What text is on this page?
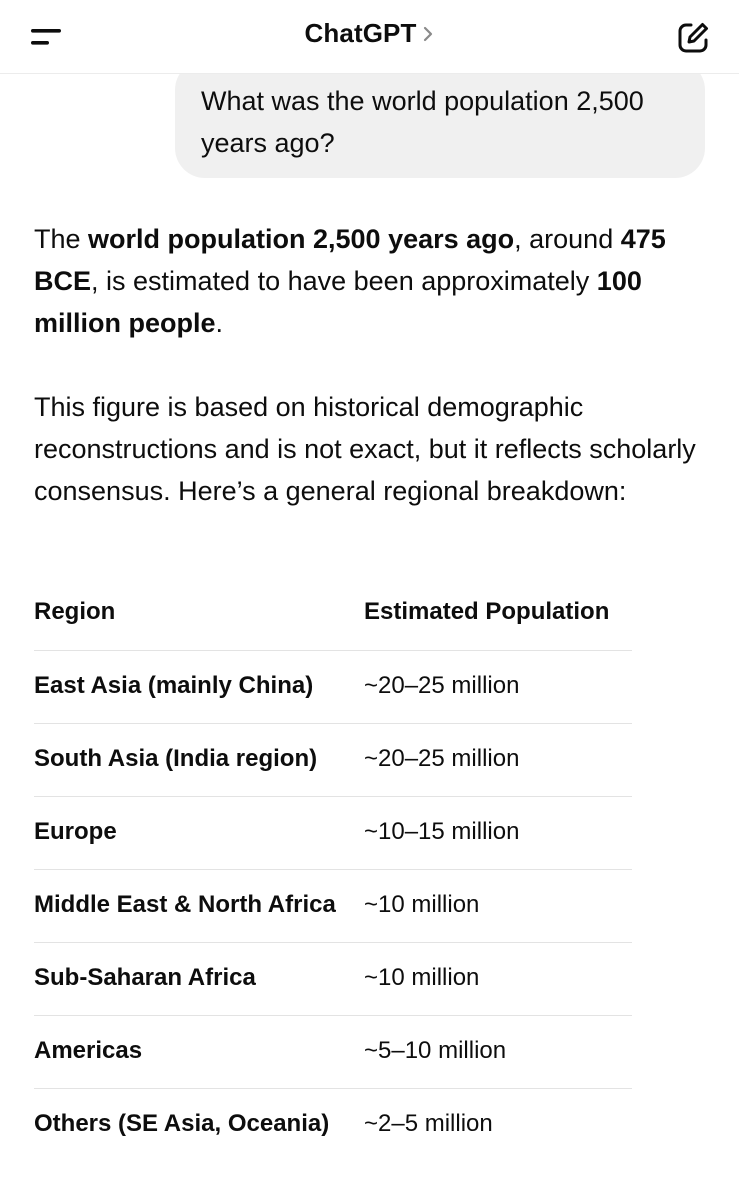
ChatGPT
What was the world population 2,500 years ago?

The world population 2,500 years ago, around 475 BCE, is estimated to have been approximately 100 million people.

This figure is based on historical demographic reconstructions and is not exact, but it reflects scholarly consensus. Here’s a general regional breakdown:

Region	Estimated Population
East Asia (mainly China)	~20–25 million
South Asia (India region)	~20–25 million
Europe	~10–15 million
Middle East & North Africa	~10 million
Sub-Saharan Africa	~10 million
Americas	~5–10 million
Others (SE Asia, Oceania)	~2–5 million
